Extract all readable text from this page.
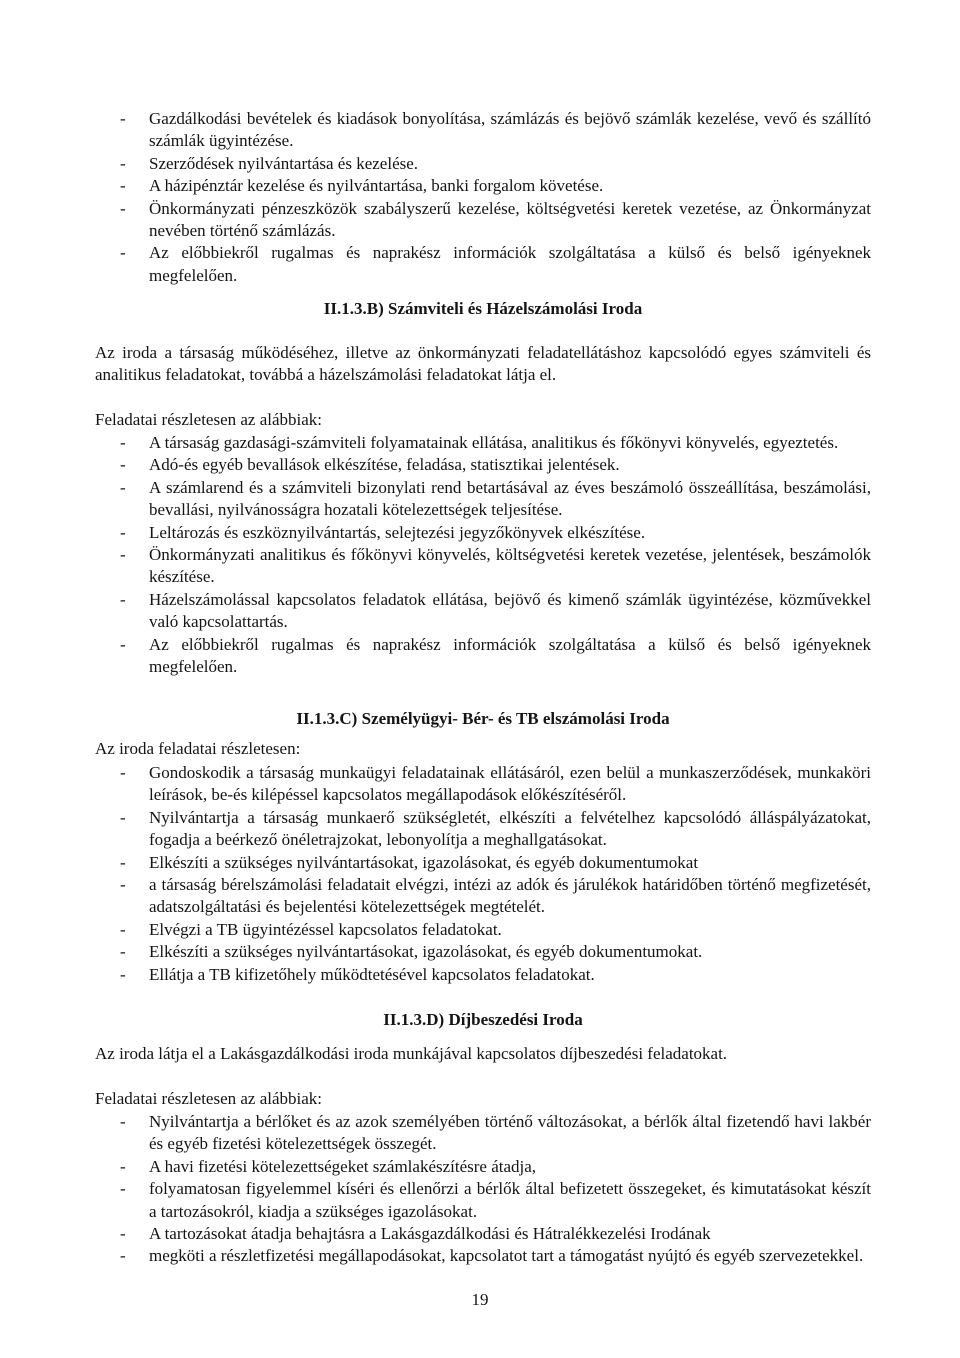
- Gazdálkodási bevételek és kiadások bonyolítása, számlázás és bejövő számlák kezelése, vevő és szállító számlák ügyintézése.
- Szerződések nyilvántartása és kezelése.
- A házipénztár kezelése és nyilvántartása, banki forgalom követése.
- Önkormányzati pénzeszközök szabályszerű kezelése, költségvetési keretek vezetése, az Önkormányzat nevében történő számlázás.
- Az előbbiekről rugalmas és naprakész információk szolgáltatása a külső és belső igényeknek megfelelően.
II.1.3.B) Számviteli és Házelszámolási Iroda

Az iroda a társaság működéséhez, illetve az önkormányzati feladatellátáshoz kapcsolódó egyes számviteli és analitikus feladatokat, továbbá a házelszámolási feladatokat látja el.

Feladatai részletesen az alábbiak:

- A társaság gazdasági-számviteli folyamatainak ellátása, analitikus és főkönyvi könyvelés, egyeztetés.
- Adó-és egyéb bevallások elkészítése, feladása, statisztikai jelentések.
- A számlarend és a számviteli bizonylati rend betartásával az éves beszámoló összeállítása, beszámolási, bevallási, nyilvánosságra hozatali kötelezettségek teljesítése.
- Leltározás és eszköznyilvántartás, selejtezési jegyzőkönyvek elkészítése.
- Önkormányzati analitikus és főkönyvi könyvelés, költségvetési keretek vezetése, jelentések, beszámolók készítése.
- Házelszámolással kapcsolatos feladatok ellátása, bejövő és kimenő számlák ügyintézése, közművekkel való kapcsolattartás.
- Az előbbiekről rugalmas és naprakész információk szolgáltatása a külső és belső igényeknek megfelelően.
II.1.3.C) Személyügyi- Bér- és TB elszámolási Iroda

Az iroda feladatai részletesen:

- Gondoskodik a társaság munkaügyi feladatainak ellátásáról, ezen belül a munkaszerződések, munkaköri leírások, be-és kilépéssel kapcsolatos megállapodások előkészítéséről.
- Nyilvántartja a társaság munkaerő szükségletét, elkészíti a felvételhez kapcsolódó álláspályázatokat, fogadja a beérkező önéletrajzokat, lebonyolítja a meghallgatásokat.
- Elkészíti a szükséges nyilvántartásokat, igazolásokat, és egyéb dokumentumokat
- a társaság bérelszámolási feladatait elvégzi, intézi az adók és járulékok határidőben történő megfizetését, adatszolgáltatási és bejelentési kötelezettségek megtételét.
- Elvégzi a TB ügyintézéssel kapcsolatos feladatokat.
- Elkészíti a szükséges nyilvántartásokat, igazolásokat, és egyéb dokumentumokat.
- Ellátja a TB kifizetőhely működtetésével kapcsolatos feladatokat.
II.1.3.D) Díjbeszedési Iroda

Az iroda látja el a Lakásgazdálkodási iroda munkájával kapcsolatos díjbeszedési feladatokat.

Feladatai részletesen az alábbiak:

- Nyilvántartja a bérlőket és az azok személyében történő változásokat, a bérlők által fizetendő havi lakbér és egyéb fizetési kötelezettségek összegét.
- A havi fizetési kötelezettségeket számlakészítésre átadja,
- folyamatosan figyelemmel kíséri és ellenőrzi a bérlők által befizetett összegeket, és kimutatásokat készít a tartozásokról, kiadja a szükséges igazolásokat.
- A tartozásokat átadja behajtásra a Lakásgazdálkodási és Hátralékkezelési Irodának
- megköti a részletfizetési megállapodásokat, kapcsolatot tart a támogatást nyújtó és egyéb szervezetekkel.
19
